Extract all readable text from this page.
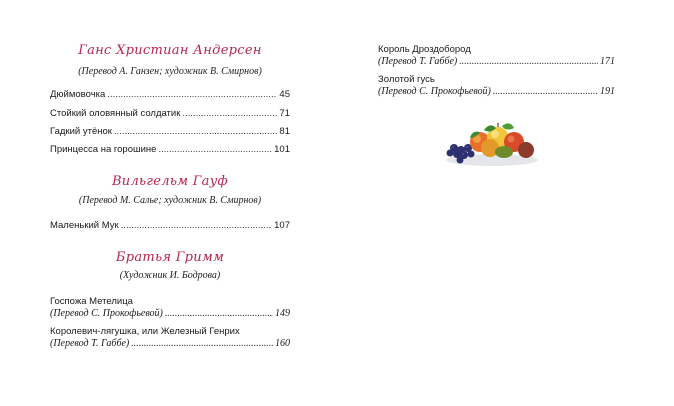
Ганс Христиан Андерсен
(Перевод А. Ганзен; художник В. Смирнов)
Дюймовочка .....	45
Стойкий оловянный солдатик .....	71
Гадкий утёнок .....	81
Принцесса на горошине .....	101
Вильгельм Гауф
(Перевод М. Салье; художник В. Смирнов)
Маленький Мук .....	107
Братья Гримм
(Художник И. Бодрова)
Госпожа Метелица
(Перевод С. Прокофьевой) .....	149
Королевич-лягушка, или Железный Генрих
(Перевод Т. Габбе) .....	160
Король Дроздобород
(Перевод Т. Габбе) .....	171
Золотой гусь
(Перевод С. Прокофьевой) .....	191
